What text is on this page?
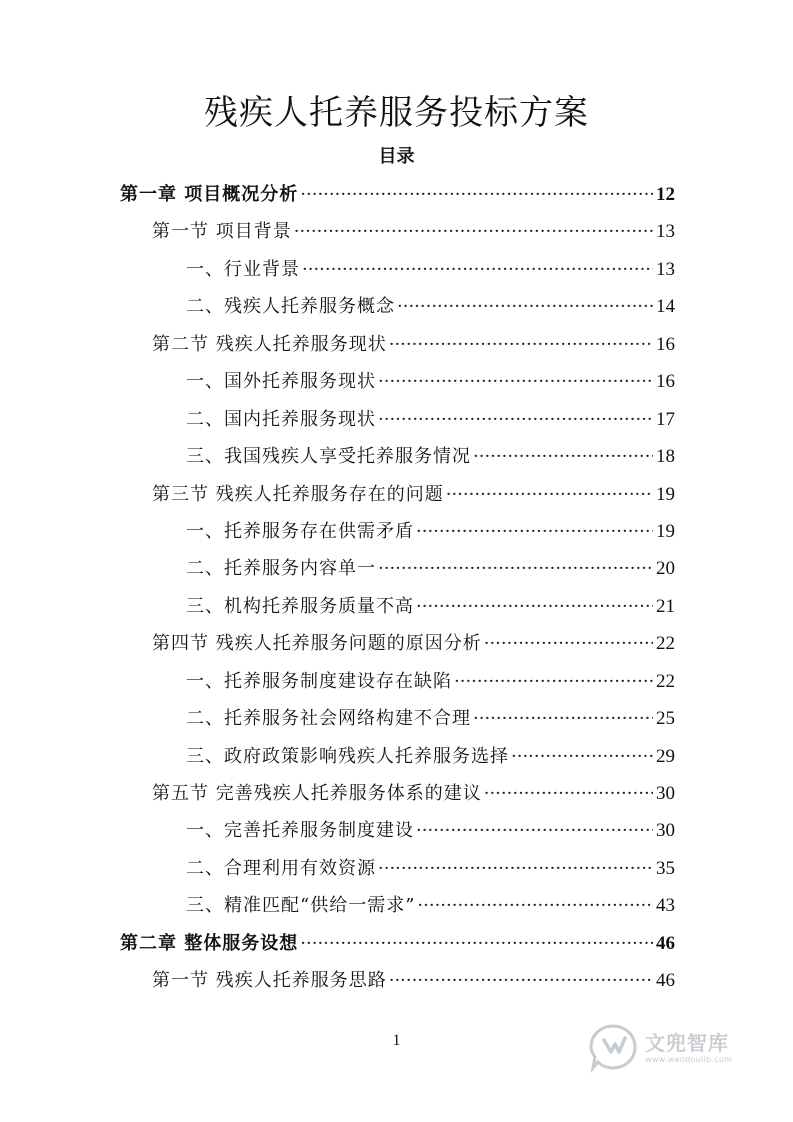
残疾人托养服务投标方案
目录
第一章 项目概况分析 ·····	12
第一节 项目背景 ·····	13
一、行业背景 ·····	13
二、残疾人托养服务概念 ·····	14
第二节 残疾人托养服务现状 ·····	16
一、国外托养服务现状 ·····	16
二、国内托养服务现状 ·····	17
三、我国残疾人享受托养服务情况 ·····	18
第三节 残疾人托养服务存在的问题 ·····	19
一、托养服务存在供需矛盾 ·····	19
二、托养服务内容单一 ·····	20
三、机构托养服务质量不高 ·····	21
第四节 残疾人托养服务问题的原因分析 ·····	22
一、托养服务制度建设存在缺陷 ·····	22
二、托养服务社会网络构建不合理 ·····	25
三、政府政策影响残疾人托养服务选择 ·····	29
第五节 完善残疾人托养服务体系的建议 ·····	30
一、完善托养服务制度建设 ·····	30
二、合理利用有效资源 ·····	35
三、精准匹配“供给一需求” ·····	43
第二章 整体服务设想 ·····	46
第一节 残疾人托养服务思路 ·····	46
1	文兜智库
www.wendoulib.com
